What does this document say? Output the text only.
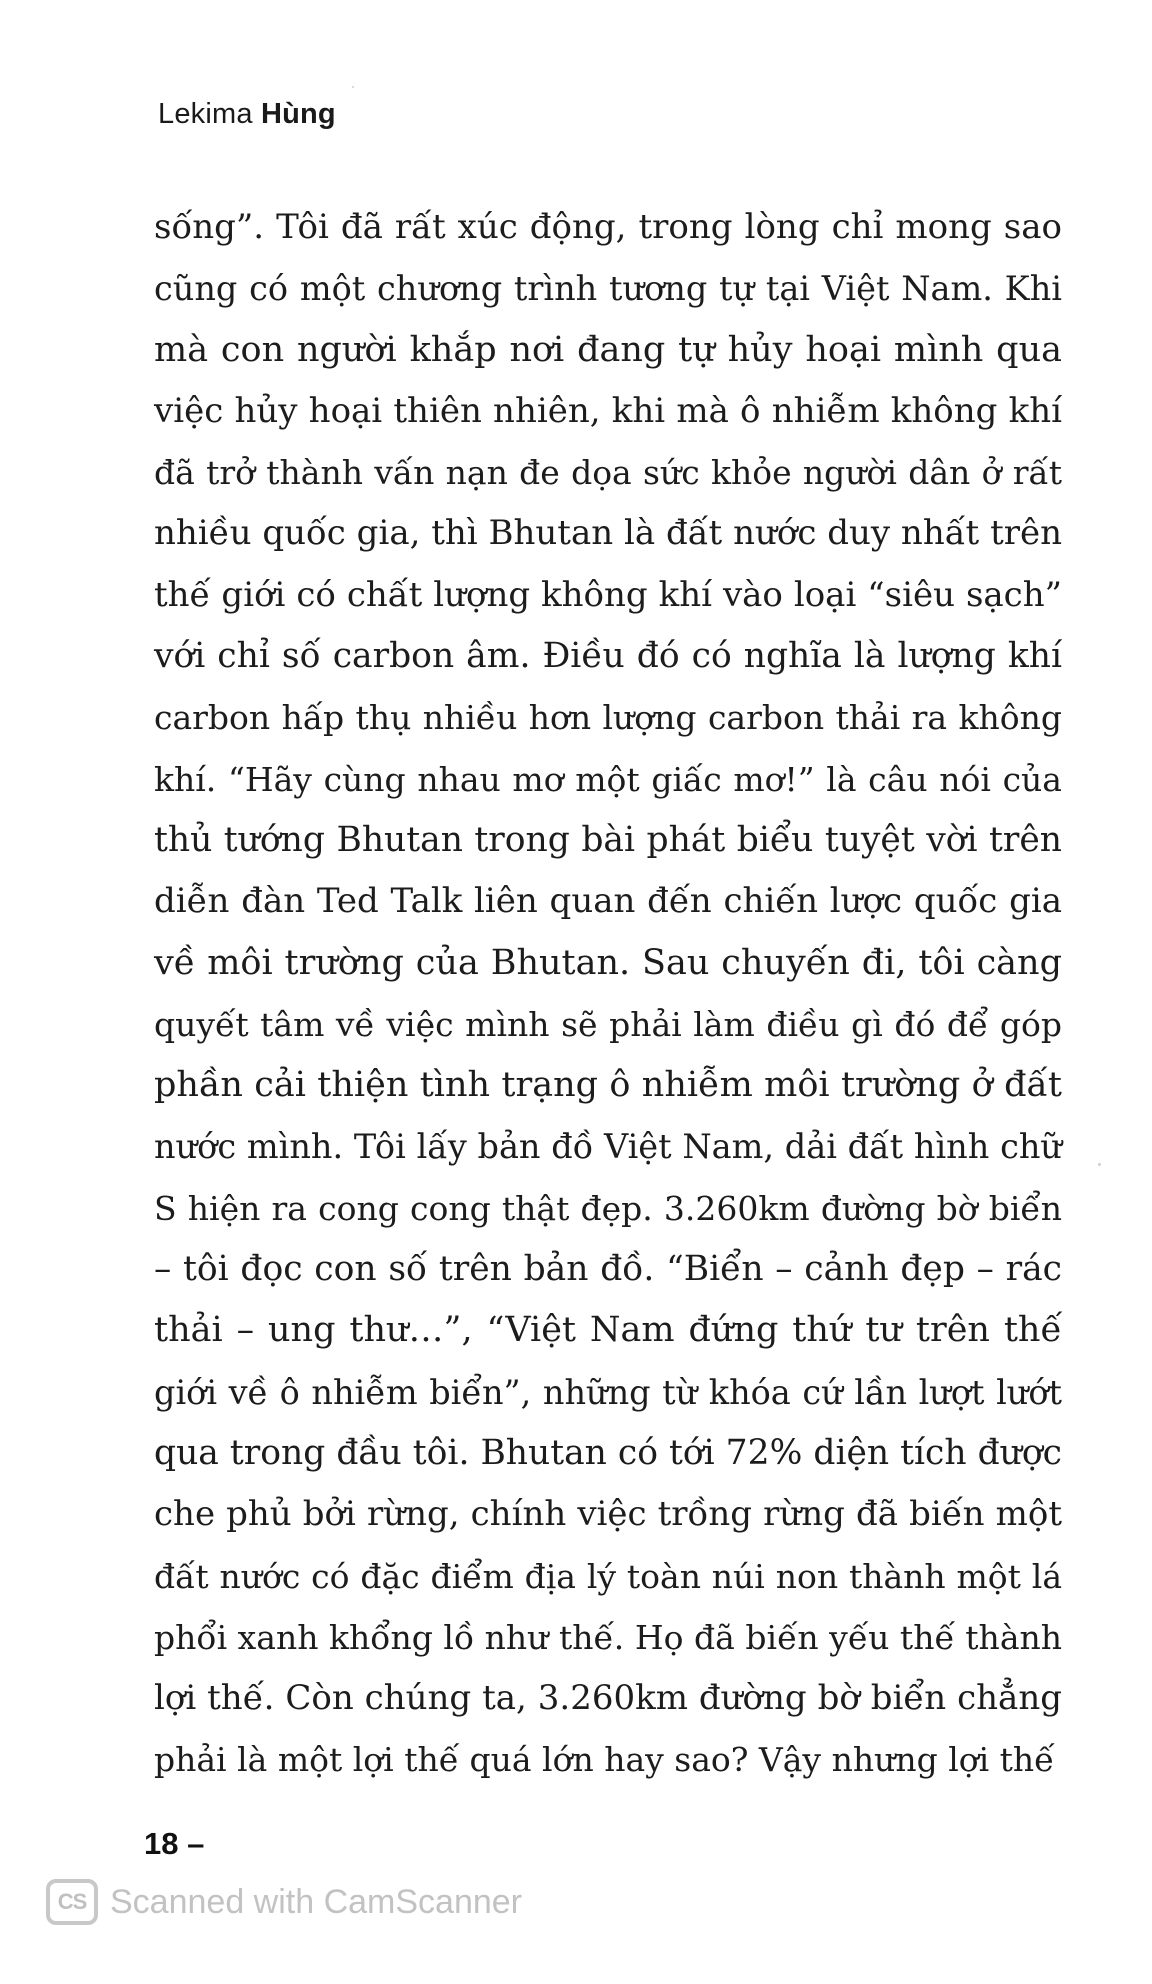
Lekima Hùng
sống”. Tôi đã rất xúc động, trong lòng chỉ mong sao
cũng có một chương trình tương tự tại Việt Nam. Khi
mà con người khắp nơi đang tự hủy hoại mình qua
việc hủy hoại thiên nhiên, khi mà ô nhiễm không khí
đã trở thành vấn nạn đe dọa sức khỏe người dân ở rất
nhiều quốc gia, thì Bhutan là đất nước duy nhất trên
thế giới có chất lượng không khí vào loại “siêu sạch”
với chỉ số carbon âm. Điều đó có nghĩa là lượng khí
carbon hấp thụ nhiều hơn lượng carbon thải ra không
khí. “Hãy cùng nhau mơ một giấc mơ!” là câu nói của
thủ tướng Bhutan trong bài phát biểu tuyệt vời trên
diễn đàn Ted Talk liên quan đến chiến lược quốc gia
về môi trường của Bhutan. Sau chuyến đi, tôi càng
quyết tâm về việc mình sẽ phải làm điều gì đó để góp
phần cải thiện tình trạng ô nhiễm môi trường ở đất
nước mình. Tôi lấy bản đồ Việt Nam, dải đất hình chữ
S hiện ra cong cong thật đẹp. 3.260km đường bờ biển
– tôi đọc con số trên bản đồ. “Biển – cảnh đẹp – rác
thải – ung thư…”, “Việt Nam đứng thứ tư trên thế
giới về ô nhiễm biển”, những từ khóa cứ lần lượt lướt
qua trong đầu tôi. Bhutan có tới 72% diện tích được
che phủ bởi rừng, chính việc trồng rừng đã biến một
đất nước có đặc điểm địa lý toàn núi non thành một lá
phổi xanh khổng lồ như thế. Họ đã biến yếu thế thành
lợi thế. Còn chúng ta, 3.260km đường bờ biển chẳng
phải là một lợi thế quá lớn hay sao? Vậy nhưng lợi thế
18 –
CS Scanned with CamScanner
